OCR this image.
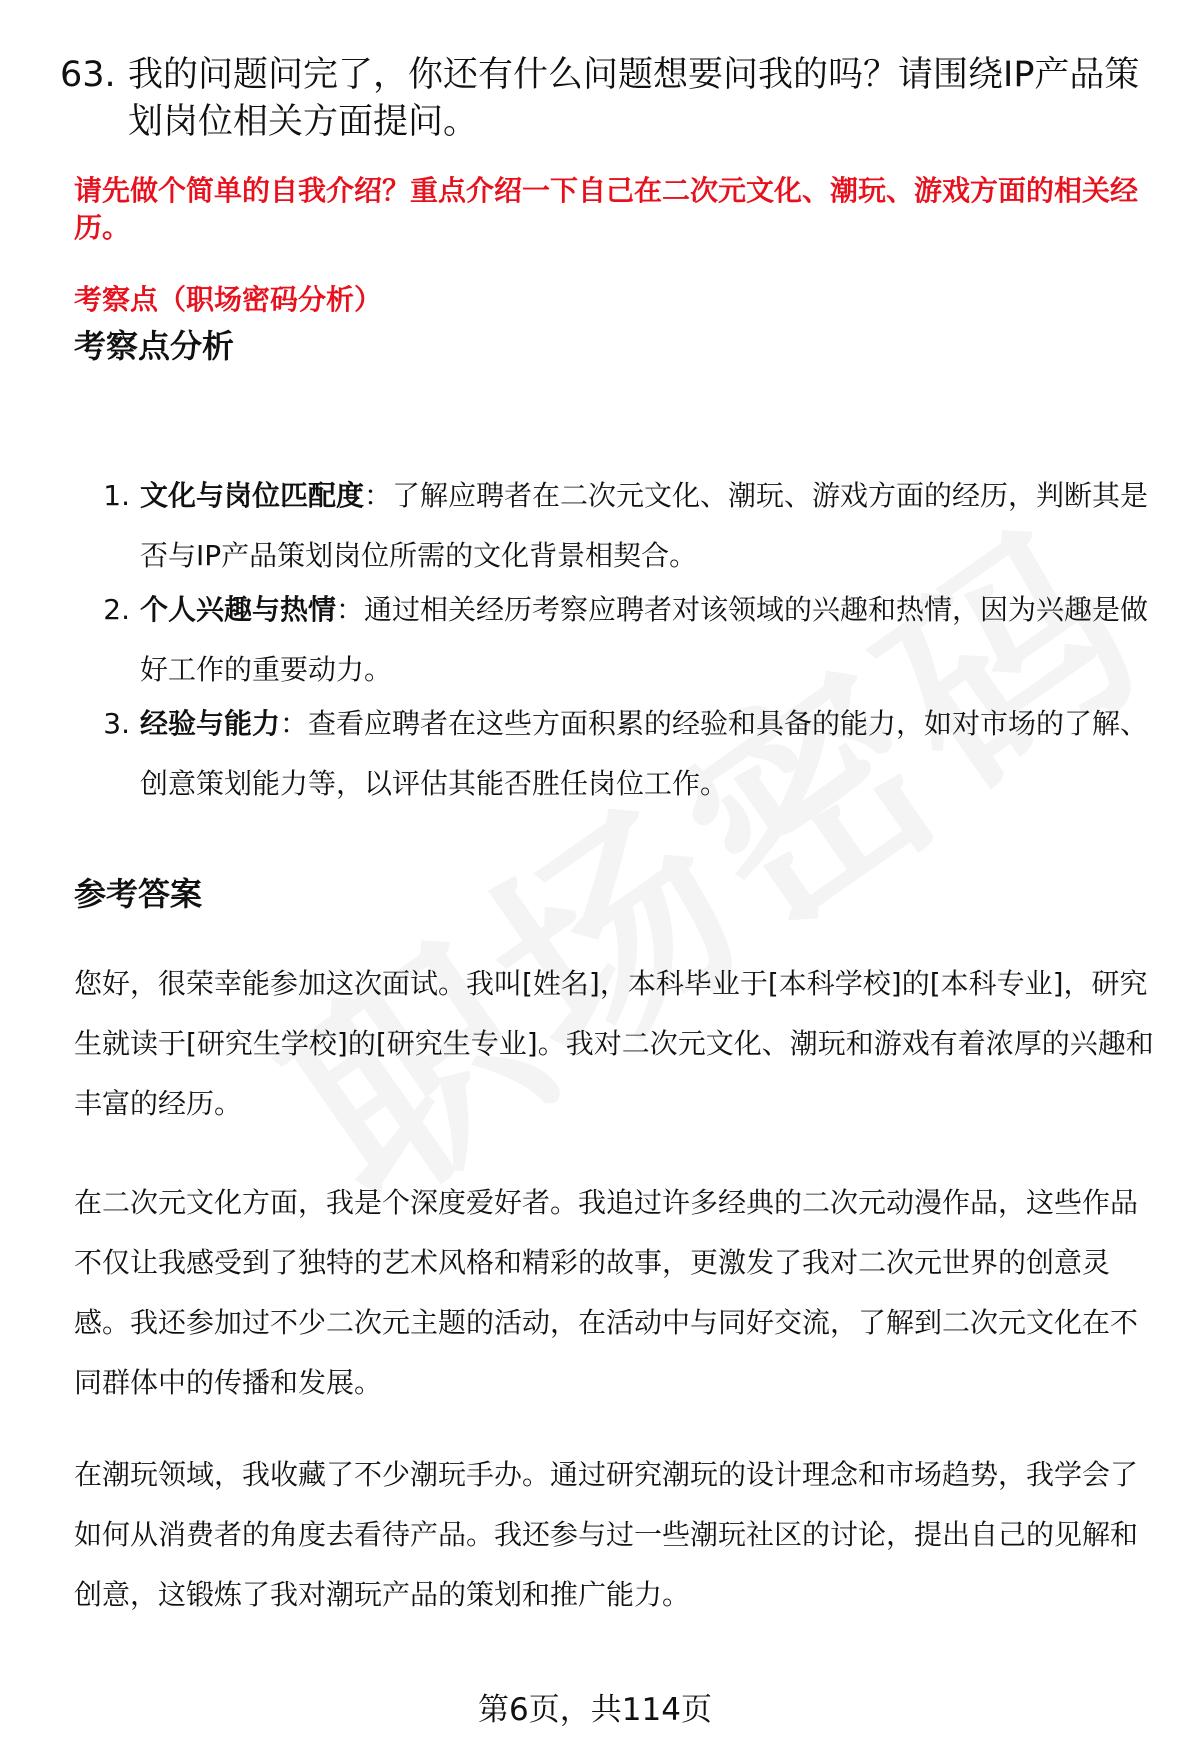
63. 我的问题问完了，你还有什么问题想要问我的吗？请围绕IP产品策划岗位相关方面提问。
请先做个简单的自我介绍？重点介绍一下自己在二次元文化、潮玩、游戏方面的相关经历。
考察点（职场密码分析）
考察点分析
1. 文化与岗位匹配度：了解应聘者在二次元文化、潮玩、游戏方面的经历，判断其是否与IP产品策划岗位所需的文化背景相契合。
2. 个人兴趣与热情：通过相关经历考察应聘者对该领域的兴趣和热情，因为兴趣是做好工作的重要动力。
3. 经验与能力：查看应聘者在这些方面积累的经验和具备的能力，如对市场的了解、创意策划能力等，以评估其能否胜任岗位工作。
参考答案
您好，很荣幸能参加这次面试。我叫[姓名]，本科毕业于[本科学校]的[本科专业]，研究生就读于[研究生学校]的[研究生专业]。我对二次元文化、潮玩和游戏有着浓厚的兴趣和丰富的经历。
在二次元文化方面，我是个深度爱好者。我追过许多经典的二次元动漫作品，这些作品不仅让我感受到了独特的艺术风格和精彩的故事，更激发了我对二次元世界的创意灵感。我还参加过不少二次元主题的活动，在活动中与同好交流，了解到二次元文化在不同群体中的传播和发展。
在潮玩领域，我收藏了不少潮玩手办。通过研究潮玩的设计理念和市场趋势，我学会了如何从消费者的角度去看待产品。我还参与过一些潮玩社区的讨论，提出自己的见解和创意，这锻炼了我对潮玩产品的策划和推广能力。
第6页，共114页
